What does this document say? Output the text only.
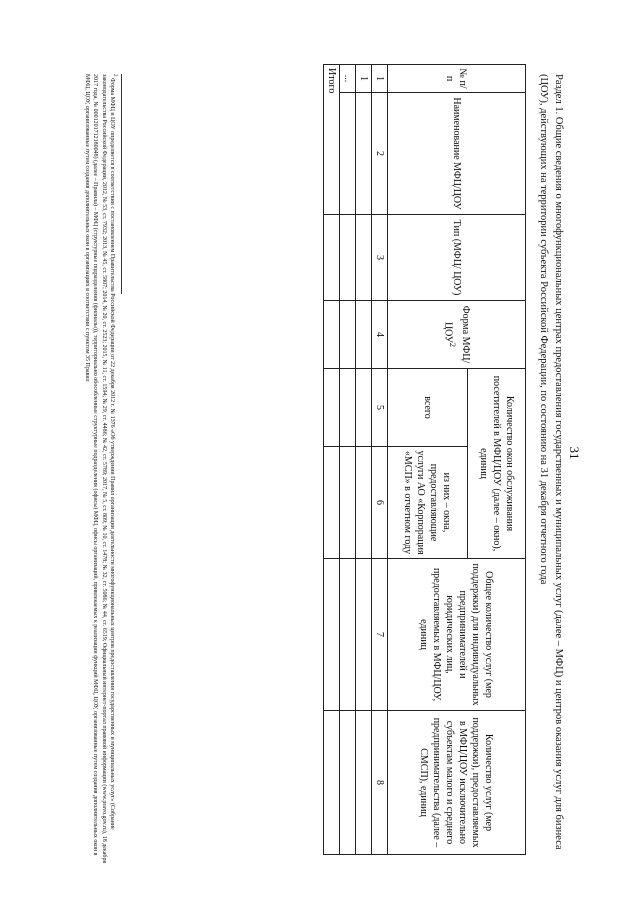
31
Раздел 1. Общие сведения о многофункциональных центрах предоставления государственных и муниципальных услуг (далее – МФЦ) и центров оказания услуг для бизнеса (ЦОУ), действующих на территории субъекта Российской Федерации, по состоянию на 31 декабря отчетного года
№ п/п	Наименование МФЦ/ЦОУ	Тип (МФЦ/ ЦОУ)	Форма МФЦ/ЦОУ$^2$	Количество окон обслуживания посетителей в МФЦ/ЦОУ (далее – окно), единиц		Общее количество услуг (мер поддержки) для индивидуальных предпринимателей и юридических лиц, предоставляемых в МФЦ/ЦОУ, единиц	Количество услуг (мер поддержки), предоставляемых в МФЦ/ЦОУ исключительно субъектам малого и среднего предпринимательства (далее – СМСП), единиц
				всего	из них – окна, предоставляющие услуги АО «Корпорация «МСП» в отчетном году		
1	2	3	4	5	6	7	8
1							
...							
Итого							
$^2$ Форма МФЦ и ЦОУ определяется в соответствии с постановлением Правительства Российской Федерации от 22 декабря 2012 г. № 1376 «Об утверждении Правил организации деятельности многофункциональных центров предоставления государственных и муниципальных услуг» (Собрание законодательства Российской Федерации, 2012, № 53, ст. 7932; 2013, № 45, ст. 5807; 2014, № 20, ст. 2523; 2015, № 11, ст. 1594; № 29, ст. 4486; № 42, ст. 5789; 2017, № 5, ст. 809; № 10, ст. 1478; № 32, ст. 5086; № 44, ст. 6519; Официальный интернет-портал правовой информации (www.pravo.gov.ru), 18 декабря 2017 года, № 0001201712180048) (далее – Правила) – МФЦ (структурные подразделения (филиалы)), территориально обособленные структурные подразделения (офисы) МФЦ, офисы организаций, привлекаемых к реализации функций МФЦ, ЦОУ, организованные путем создания дополнительных окон в МФЦ, ЦОУ, организованные путем создания дополнительных окон в организациях в соответствии с пунктом 35 Правил
